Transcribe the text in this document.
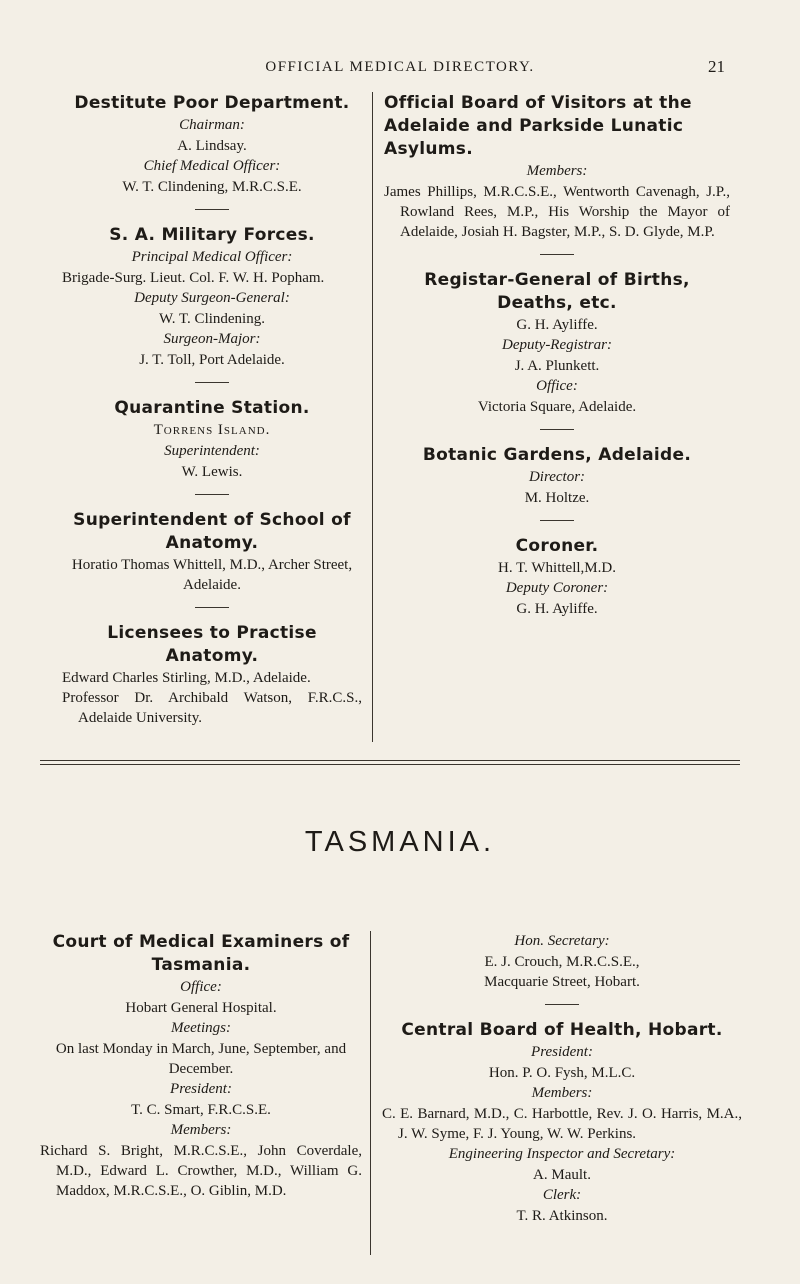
OFFICIAL MEDICAL DIRECTORY.	21
Destitute Poor Department.
Chairman:
A. Lindsay.
Chief Medical Officer:
W. T. Clindening, M.R.C.S.E.
S. A. Military Forces.
Principal Medical Officer:
Brigade-Surg. Lieut. Col. F. W. H. Popham.
Deputy Surgeon-General:
W. T. Clindening.
Surgeon-Major:
J. T. Toll, Port Adelaide.
Quarantine Station.
Torrens Island.
Superintendent:
W. Lewis.
Superintendent of School of Anatomy.
Horatio Thomas Whittell, M.D., Archer Street, Adelaide.
Licensees to Practise Anatomy.
Edward Charles Stirling, M.D., Adelaide.
Professor Dr. Archibald Watson, F.R.C.S., Adelaide University.
Official Board of Visitors at the Adelaide and Parkside Lunatic Asylums.
Members:
James Phillips, M.R.C.S.E., Wentworth Cavenagh, J.P., Rowland Rees, M.P., His Worship the Mayor of Adelaide, Josiah H. Bagster, M.P., S. D. Glyde, M.P.
Registar-General of Births, Deaths, etc.
G. H. Ayliffe.
Deputy-Registrar:
J. A. Plunkett.
Office:
Victoria Square, Adelaide.
Botanic Gardens, Adelaide.
Director:
M. Holtze.
Coroner.
H. T. Whittell,M.D.
Deputy Coroner:
G. H. Ayliffe.
TASMANIA.
Court of Medical Examiners of Tasmania.
Office:
Hobart General Hospital.
Meetings:
On last Monday in March, June, September, and December.
President:
T. C. Smart, F.R.C.S.E.
Members:
Richard S. Bright, M.R.C.S.E., John Coverdale, M.D., Edward L. Crowther, M.D., William G. Maddox, M.R.C.S.E., O. Giblin, M.D.
Hon. Secretary:
E. J. Crouch, M.R.C.S.E.,
Macquarie Street, Hobart.
Central Board of Health, Hobart.
President:
Hon. P. O. Fysh, M.L.C.
Members:
C. E. Barnard, M.D., C. Harbottle, Rev. J. O. Harris, M.A., J. W. Syme, F. J. Young, W. W. Perkins.
Engineering Inspector and Secretary:
A. Mault.
Clerk:
T. R. Atkinson.
